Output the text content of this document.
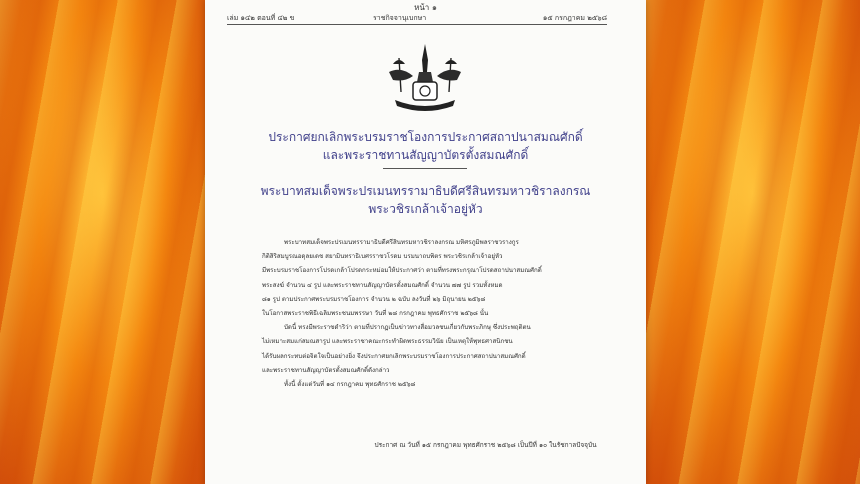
หน้า ๑
เล่ม ๑๔๒ ตอนที่ ๔๒ ข	ราชกิจจานุเบกษา	๑๕ กรกฎาคม ๒๕๖๘
ประกาศยกเลิกพระบรมราชโองการประกาศสถาปนาสมณศักดิ์
และพระราชทานสัญญาบัตรตั้งสมณศักดิ์
พระบาทสมเด็จพระปรเมนทรรามาธิบดีศรีสินทรมหาวชิราลงกรณ
พระวชิรเกล้าเจ้าอยู่หัว

พระบาทสมเด็จพระปรเมนทรรามาธิบดีศรีสินทรมหาวชิราลงกรณ มหิศรภูมิพลราชวรางกูร

กิติสิริสมบูรณอดุลยเดช สยามินทราธิเบศรราชวโรดม บรมนาถบพิตร พระวชิรเกล้าเจ้าอยู่หัว

มีพระบรมราชโองการโปรดเกล้าโปรดกระหม่อมให้ประกาศว่า ตามที่ทรงพระกรุณาโปรดสถาปนาสมณศักดิ์

พระสงฆ์ จำนวน ๔ รูป และพระราชทานสัญญาบัตรตั้งสมณศักดิ์ จำนวน ๗๗ รูป รวมทั้งหมด

๘๑ รูป ตามประกาศพระบรมราชโองการ จำนวน ๒ ฉบับ ลงวันที่ ๒๖ มิถุนายน ๒๕๖๘

ในโอกาสพระราชพิธีเฉลิมพระชนมพรรษา วันที่ ๒๘ กรกฎาคม พุทธศักราช ๒๕๖๘ นั้น

บัดนี้ ทรงมีพระราชดำริว่า ตามที่ปรากฏเป็นข่าวทางสื่อมวลชนเกี่ยวกับพระภิกษุ ซึ่งประพฤติตน

ไม่เหมาะสมแก่สมณสารูป และพระราชาคณะกระทำผิดพระธรรมวินัย เป็นเหตุให้พุทธศาสนิกชน

ได้รับผลกระทบต่อจิตใจเป็นอย่างยิ่ง จึงประกาศยกเลิกพระบรมราชโองการประกาศสถาปนาสมณศักดิ์

และพระราชทานสัญญาบัตรตั้งสมณศักดิ์ดังกล่าว

ทั้งนี้ ตั้งแต่วันที่ ๑๔ กรกฎาคม พุทธศักราช ๒๕๖๘

ประกาศ ณ วันที่ ๑๕ กรกฎาคม พุทธศักราช ๒๕๖๘ เป็นปีที่ ๑๐ ในรัชกาลปัจจุบัน
